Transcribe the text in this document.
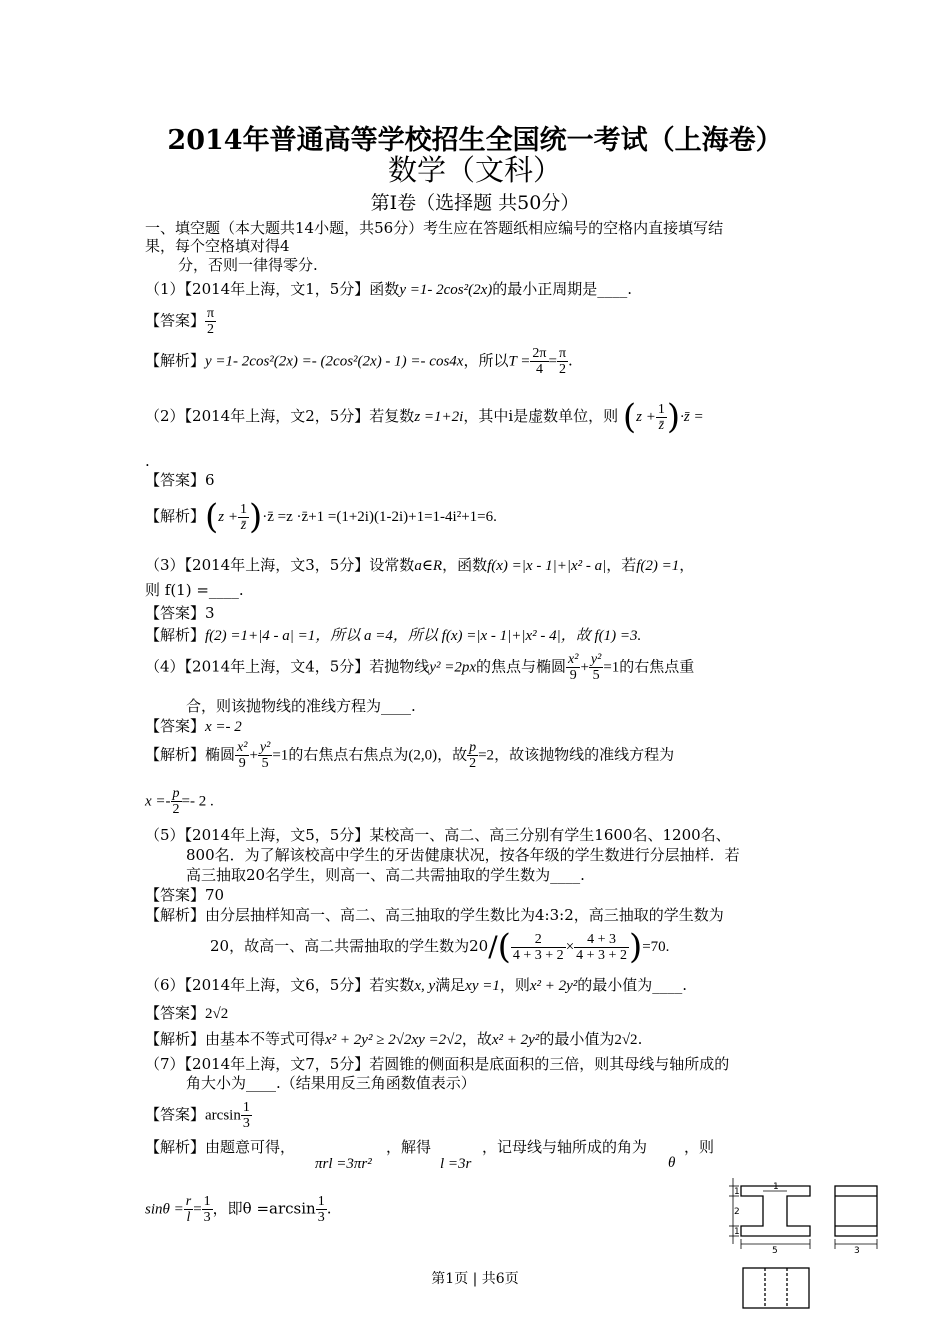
2014年普通高等学校招生全国统一考试（上海卷）
数学（文科）
第Ⅰ卷（选择题 共50分）
一、填空题（本大题共14小题，共56分）考生应在答题纸相应编号的空格内直接填写结
果，每个空格填对得4
分，否则一律得零分.
（1）【2014年上海，文1，5分】函数y =1- 2cos²(2x)的最小正周期是____.
【答案】 $\frac{\pi}{2}$
【解析】y =1- 2cos²(2x) =- (2cos²(2x) - 1) =- cos4x，所以$T = \frac{2\pi}{4} = \frac{\pi}{2}$ .
（2）【2014年上海，文2，5分】若复数z =1+2i，其中i是虚数单位，则 ($z + \frac{1}{z̄}$ )·z̄ =
.
【答案】6
【解析】($z + \frac{1}{z̄}$ )·z̄ =z ·z̄+1 =(1+2i)(1-2i)+1=1-4i²+1=6.
（3）【2014年上海，文3，5分】设常数a∈R，函数f(x) =|x - 1|+|x² - a|，若f(2) =1，
则 f(1) =____.
【答案】3
【解析】f(2) =1+|4 - a| =1，所以 a =4，所以 f(x) =|x - 1|+|x² - 4|，故 f(1) =3.
（4）【2014年上海，文4，5分】若抛物线y² =2px的焦点与椭圆 $\frac{\text{x²}}{9} + \frac{\text{y²}}{5} =1$的右焦点重
合，则该抛物线的准线方程为____.
【答案】x =- 2
【解析】椭圆 $\frac{\text{x²}}{9} + \frac{\text{y²}}{5} =1$的右焦点右焦点为(2,0)，故 $\frac{p}{2} =2$，故该抛物线的准线方程为
$x =- \frac{p}{2} =- 2$ .
（5）【2014年上海，文5，5分】某校高一、高二、高三分别有学生1600名、1200名、
800名．为了解该校高中学生的牙齿健康状况，按各年级的学生数进行分层抽样．若
高三抽取20名学生，则高一、高二共需抽取的学生数为____.
【答案】70
【解析】由分层抽样知高一、高二、高三抽取的学生数比为4:3:2，高三抽取的学生数为
20，故高一、高二共需抽取的学生数为$20/( \frac{2}{4 + 3 + 2} \times \frac{4 + 3}{4 + 3 + 2} )=70$.
（6）【2014年上海，文6，5分】若实数x, y满足xy =1，则x² + 2y²的最小值为____.
【答案】2√2
【解析】由基本不等式可得x² + 2y² ≥ 2√2xy =2√2，故x² + 2y²的最小值为2√2.
（7）【2014年上海，文7，5分】若圆锥的侧面积是底面积的三倍，则其母线与轴所成的
角大小为____.（结果用反三角函数值表示）
【答案】$\arcsin \frac{1}{3}$
【解析】由题意可得，
πrl =3πr²
，解得
l =3r
，记母线与轴所成的角为
θ
，则
$\sin\theta = \frac{r}{l} = \frac{1}{3}$ ，即$\theta =\arcsin \frac{1}{3}$ .
1	1
2
1
5	3
第1页 | 共6页
